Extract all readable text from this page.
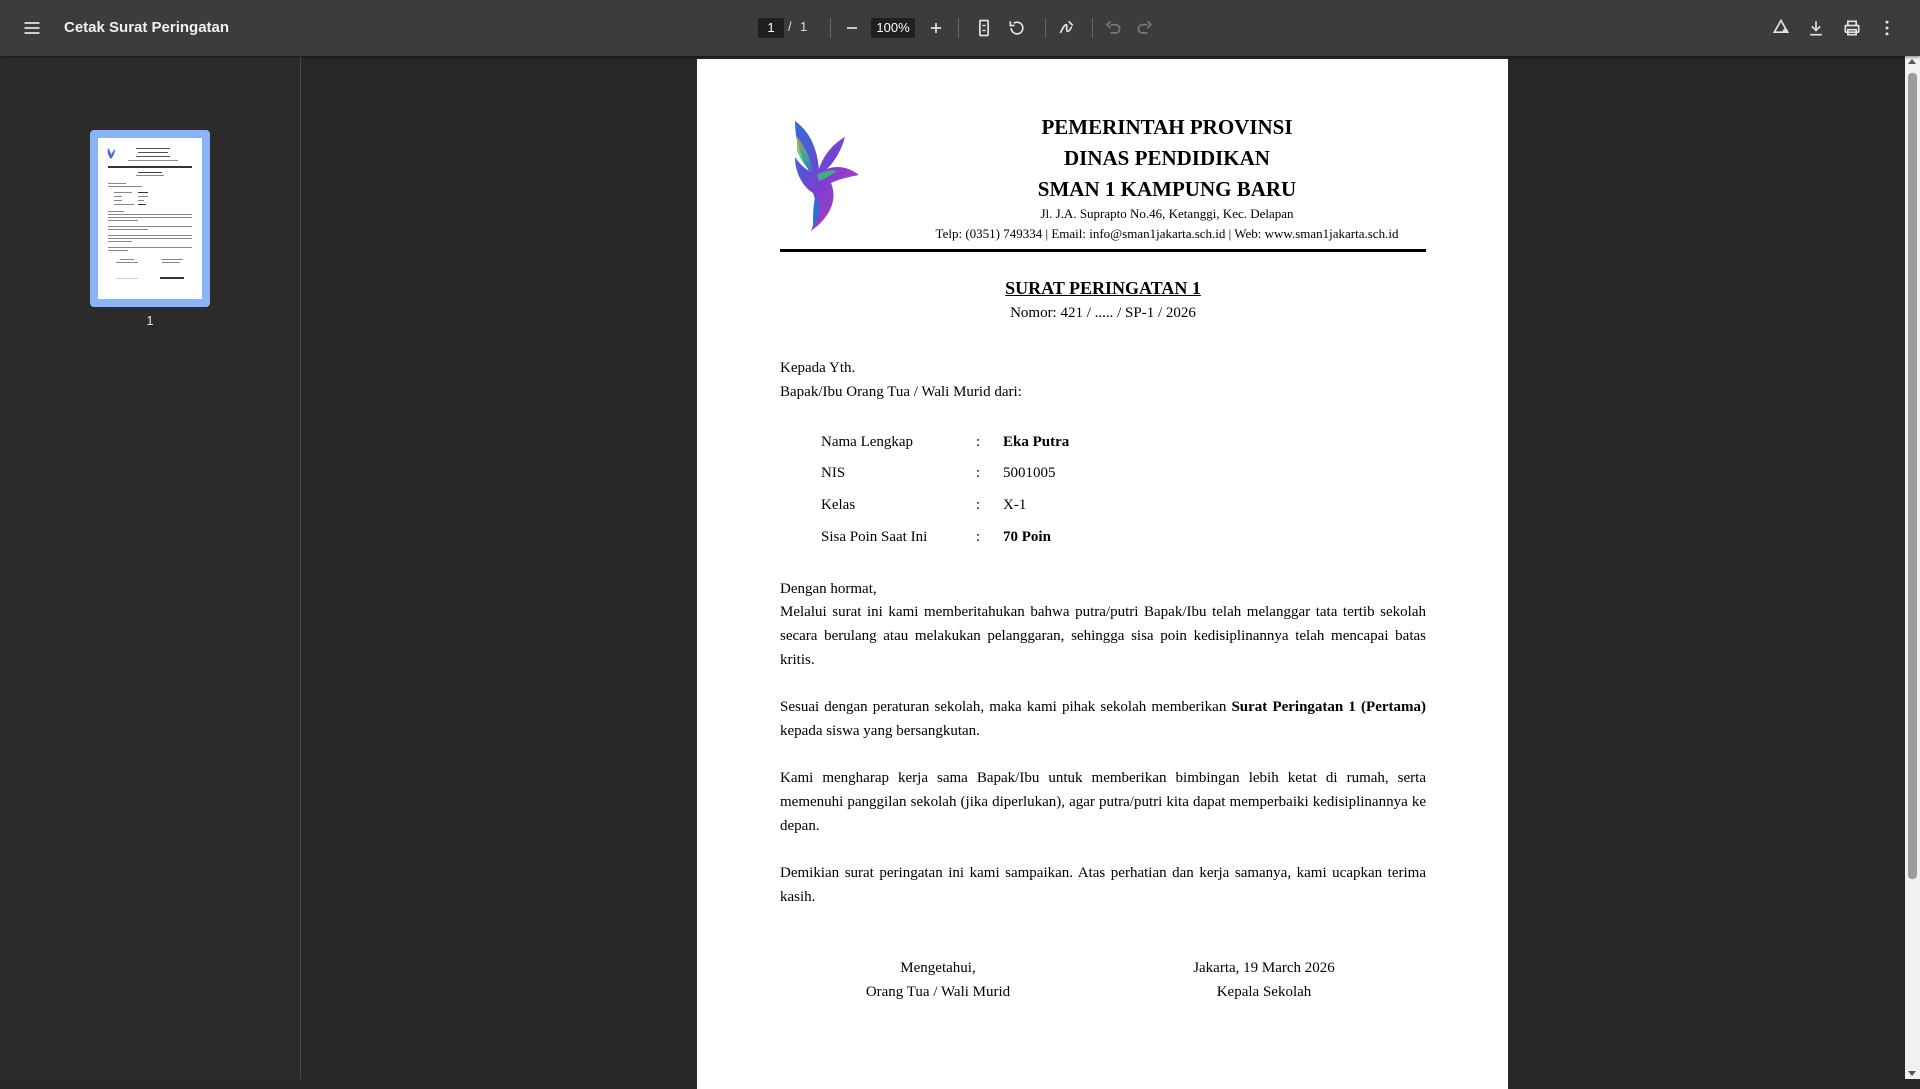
Cetak Surat Peringatan	1	/ 1	100%
1
PEMERINTAH PROVINSI
DINAS PENDIDIKAN
SMAN 1 KAMPUNG BARU
Jl. J.A. Suprapto No.46, Ketanggi, Kec. Delapan
Telp: (0351) 749334 | Email: info@sman1jakarta.sch.id | Web: www.sman1jakarta.sch.id
SURAT PERINGATAN 1
Nomor: 421 / ..... / SP-1 / 2026
Kepada Yth.
Bapak/Ibu Orang Tua / Wali Murid dari:
Nama Lengkap	: Eka Putra
NIS	: 5001005
Kelas	: X-1
Sisa Poin Saat Ini	: 70 Poin
Dengan hormat,
Melalui surat ini kami memberitahukan bahwa putra/putri Bapak/Ibu telah melanggar tata tertib sekolah secara berulang atau melakukan pelanggaran, sehingga sisa poin kedisiplinannya telah mencapai batas kritis.
Sesuai dengan peraturan sekolah, maka kami pihak sekolah memberikan Surat Peringatan 1 (Pertama) kepada siswa yang bersangkutan.
Kami mengharap kerja sama Bapak/Ibu untuk memberikan bimbingan lebih ketat di rumah, serta memenuhi panggilan sekolah (jika diperlukan), agar putra/putri kita dapat memperbaiki kedisiplinannya ke depan.
Demikian surat peringatan ini kami sampaikan. Atas perhatian dan kerja samanya, kami ucapkan terima kasih.
Mengetahui,
Orang Tua / Wali Murid
Jakarta, 19 March 2026
Kepala Sekolah
